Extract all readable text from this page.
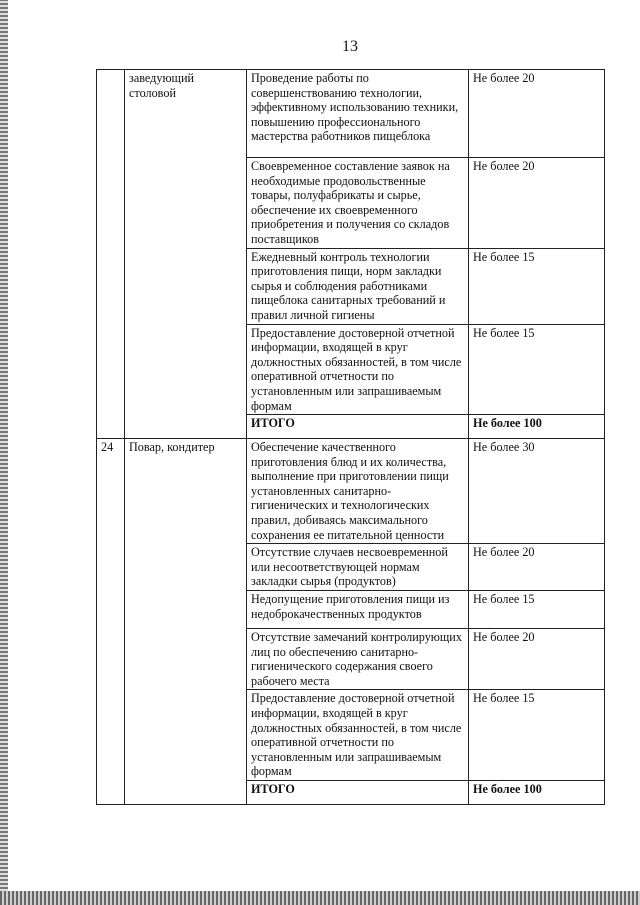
13
	заведующий столовой	Проведение работы по совершенствованию технологии, эффективному использованию техники, повышению профессионального мастерства работников пищеблока	Не более 20
		Своевременное составление заявок на необходимые продовольственные товары, полуфабрикаты и сырье, обеспечение их своевременного приобретения и получения со складов поставщиков	Не более 20
		Ежедневный контроль технологии приготовления пищи, норм закладки сырья и соблюдения работниками пищеблока санитарных требований и правил личной гигиены	Не более 15
		Предоставление достоверной отчетной информации, входящей в круг должностных обязанностей, в том числе оперативной отчетности по установленным или запрашиваемым формам	Не более 15
		ИТОГО	Не более 100
24	Повар, кондитер	Обеспечение качественного приготовления блюд и их количества, выполнение при приготовлении пищи установленных санитарно-гигиенических и технологических правил, добиваясь максимального сохранения ее питательной ценности	Не более 30
		Отсутствие случаев несвоевременной или несоответствующей нормам закладки сырья (продуктов)	Не более 20
		Недопущение приготовления пищи из недоброкачественных продуктов	Не более 15
		Отсутствие замечаний контролирующих лиц по обеспечению санитарно-гигиенического содержания своего рабочего места	Не более 20
		Предоставление достоверной отчетной информации, входящей в круг должностных обязанностей, в том числе оперативной отчетности по установленным или запрашиваемым формам	Не более 15
		ИТОГО	Не более 100
